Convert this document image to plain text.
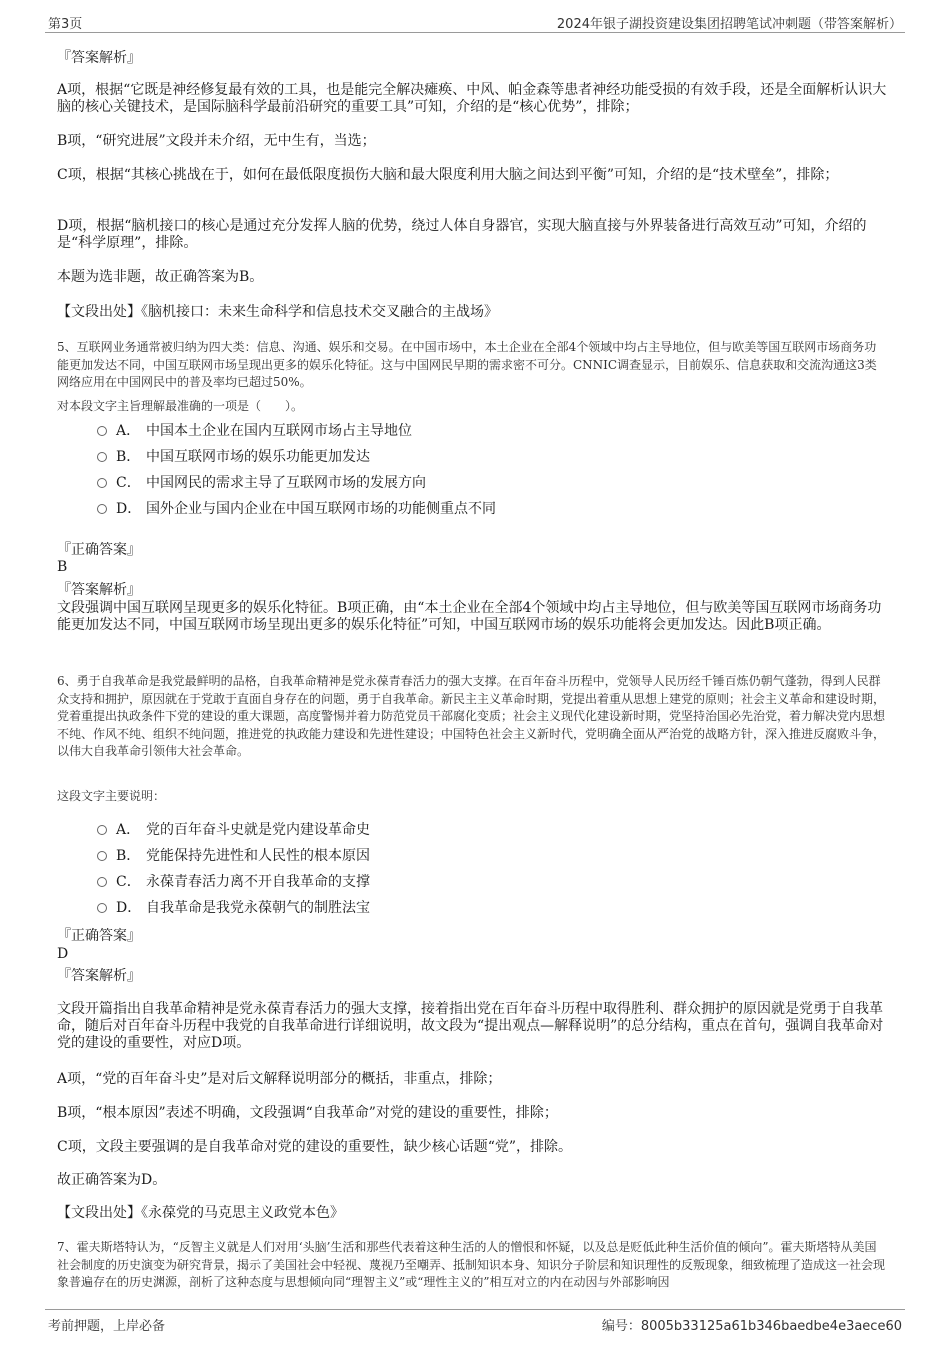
第3页	2024年银子湖投资建设集团招聘笔试冲刺题（带答案解析）
『答案解析』
A项，根据“它既是神经修复最有效的工具，也是能完全解决瘫痪、中风、帕金森等患者神经功能受损的有效手段，还是全面解析认识大脑的核心关键技术，是国际脑科学最前沿研究的重要工具”可知，介绍的是“核心优势”，排除；
B项，“研究进展”文段并未介绍，无中生有，当选；
C项，根据“其核心挑战在于，如何在最低限度损伤大脑和最大限度利用大脑之间达到平衡”可知，介绍的是“技术壁垒”，排除；
D项，根据“脑机接口的核心是通过充分发挥人脑的优势，绕过人体自身器官，实现大脑直接与外界装备进行高效互动”可知，介绍的是“科学原理”，排除。
本题为选非题，故正确答案为B。
【文段出处】《脑机接口：未来生命科学和信息技术交叉融合的主战场》
5、互联网业务通常被归纳为四大类：信息、沟通、娱乐和交易。在中国市场中，本土企业在全部4个领域中均占主导地位，但与欧美等国互联网市场商务功能更加发达不同，中国互联网市场呈现出更多的娱乐化特征。这与中国网民早期的需求密不可分。CNNIC调查显示，目前娱乐、信息获取和交流沟通这3类网络应用在中国网民中的普及率均已超过50%。
对本段文字主旨理解最准确的一项是（　　）。
A． 中国本土企业在国内互联网市场占主导地位
B． 中国互联网市场的娱乐功能更加发达
C． 中国网民的需求主导了互联网市场的发展方向
D． 国外企业与国内企业在中国互联网市场的功能侧重点不同
『正确答案』
B
『答案解析』
文段强调中国互联网呈现更多的娱乐化特征。B项正确，由“本土企业在全部4个领域中均占主导地位，但与欧美等国互联网市场商务功能更加发达不同，中国互联网市场呈现出更多的娱乐化特征”可知，中国互联网市场的娱乐功能将会更加发达。因此B项正确。
6、勇于自我革命是我党最鲜明的品格，自我革命精神是党永葆青春活力的强大支撑。在百年奋斗历程中，党领导人民历经千锤百炼仍朝气蓬勃，得到人民群众支持和拥护，原因就在于党敢于直面自身存在的问题，勇于自我革命。新民主主义革命时期，党提出着重从思想上建党的原则；社会主义革命和建设时期，党着重提出执政条件下党的建设的重大课题，高度警惕并着力防范党员干部腐化变质；社会主义现代化建设新时期，党坚持治国必先治党，着力解决党内思想不纯、作风不纯、组织不纯问题，推进党的执政能力建设和先进性建设；中国特色社会主义新时代，党明确全面从严治党的战略方针，深入推进反腐败斗争，以伟大自我革命引领伟大社会革命。
这段文字主要说明：
A． 党的百年奋斗史就是党内建设革命史
B． 党能保持先进性和人民性的根本原因
C． 永葆青春活力离不开自我革命的支撑
D． 自我革命是我党永葆朝气的制胜法宝
『正确答案』
D
『答案解析』
文段开篇指出自我革命精神是党永葆青春活力的强大支撑，接着指出党在百年奋斗历程中取得胜利、群众拥护的原因就是党勇于自我革命，随后对百年奋斗历程中我党的自我革命进行详细说明，故文段为“提出观点—解释说明”的总分结构，重点在首句，强调自我革命对党的建设的重要性，对应D项。
A项，“党的百年奋斗史”是对后文解释说明部分的概括，非重点，排除；
B项，“根本原因”表述不明确，文段强调“自我革命”对党的建设的重要性，排除；
C项，文段主要强调的是自我革命对党的建设的重要性，缺少核心话题“党”，排除。
故正确答案为D。
【文段出处】《永葆党的马克思主义政党本色》
7、霍夫斯塔特认为，“反智主义就是人们对用‘头脑’生活和那些代表着这种生活的人的憎恨和怀疑，以及总是贬低此种生活价值的倾向”。霍夫斯塔特从美国社会制度的历史演变为研究背景，揭示了美国社会中轻视、蔑视乃至嘲弄、抵制知识本身、知识分子阶层和知识理性的反叛现象，细致梳理了造成这一社会现象普遍存在的历史渊源，剖析了这种态度与思想倾向同“理智主义”或“理性主义的”相互对立的内在动因与外部影响因
考前押题，上岸必备	编号：8005b33125a61b346baedbe4e3aece60
